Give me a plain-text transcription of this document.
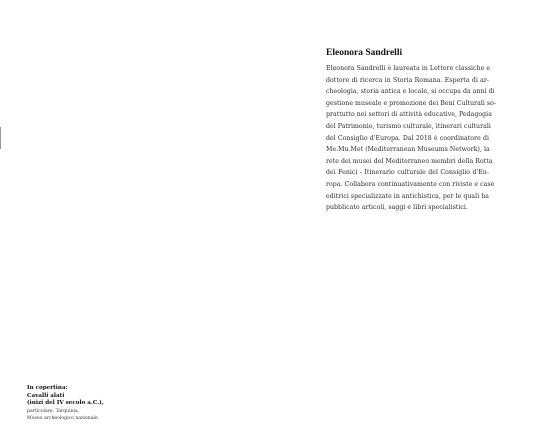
Eleonora Sandrelli
Eleonora Sandrelli è laureata in Lettere classiche e
dottore di ricerca in Storia Romana. Esperta di ar-
cheologia, storia antica e locale, si occupa da anni di
gestione museale e promozione dei Beni Culturali so-
prattutto nei settori di attività educative, Pedagogia
del Patrimonio, turismo culturale, itinerari culturali
del Consiglio d'Europa. Dal 2018 è coordinatore di
Me.Mu.Met (Mediterranean Museums Network), la
rete dei musei del Mediterraneo membri della Rotta
dei Fenici - Itinerario culturale del Consiglio d'Eu-
ropa. Collabora continuativamente con riviste e case
editrici specializzate in antichistica, per le quali ha
pubblicato articoli, saggi e libri specialistici.
In copertina:
Cavalli alati
(inizi del IV secolo a.C.),
particolare, Tarquinia,
Museo archeologico nazionale.
